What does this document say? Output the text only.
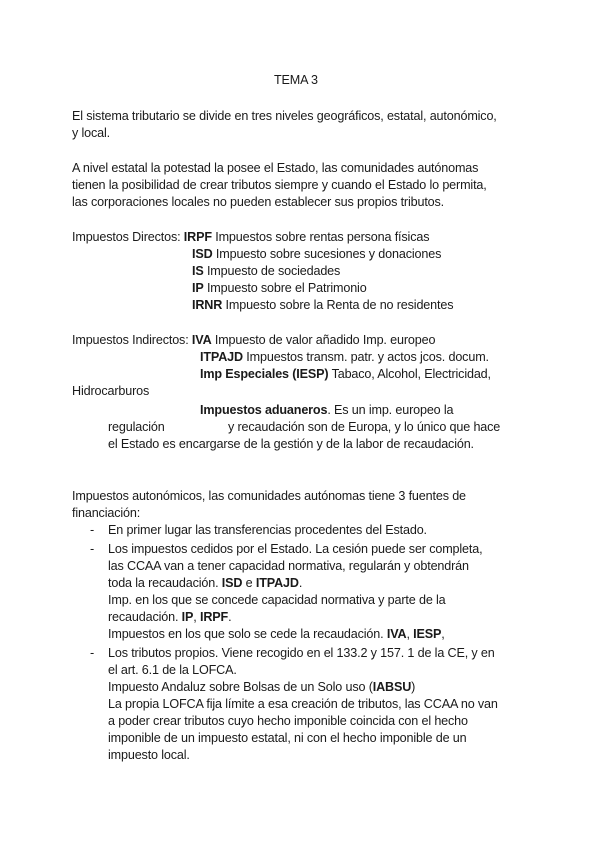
TEMA 3
El sistema tributario se divide en tres niveles geográficos, estatal, autonómico,
y local.
A nivel estatal la potestad la posee el Estado, las comunidades autónomas
tienen la posibilidad de crear tributos siempre y cuando el Estado lo permita,
las corporaciones locales no pueden establecer sus propios tributos.
Impuestos Directos: IRPF Impuestos sobre rentas persona físicas
ISD Impuesto sobre sucesiones y donaciones
IS Impuesto de sociedades
IP Impuesto sobre el Patrimonio
IRNR Impuesto sobre la Renta de no residentes
Impuestos Indirectos: IVA Impuesto de valor añadido Imp. europeo
ITPAJD Impuestos transm. patr. y actos jcos. docum.
Imp Especiales (IESP) Tabaco, Alcohol, Electricidad,
Hidrocarburos
Impuestos aduaneros. Es un imp. europeo la
regulación	y recaudación son de Europa, y lo único que hace
el Estado es encargarse de la gestión y de la labor de recaudación.
Impuestos autonómicos, las comunidades autónomas tiene 3 fuentes de
financiación:
- En primer lugar las transferencias procedentes del Estado.
- Los impuestos cedidos por el Estado. La cesión puede ser completa,
las CCAA van a tener capacidad normativa, regularán y obtendrán
toda la recaudación. ISD e ITPAJD.
Imp. en los que se concede capacidad normativa y parte de la
recaudación. IP, IRPF.
Impuestos en los que solo se cede la recaudación. IVA, IESP,
- Los tributos propios. Viene recogido en el 133.2 y 157. 1 de la CE, y en
el art. 6.1 de la LOFCA.
Impuesto Andaluz sobre Bolsas de un Solo uso (IABSU)
La propia LOFCA fija límite a esa creación de tributos, las CCAA no van
a poder crear tributos cuyo hecho imponible coincida con el hecho
imponible de un impuesto estatal, ni con el hecho imponible de un
impuesto local.
